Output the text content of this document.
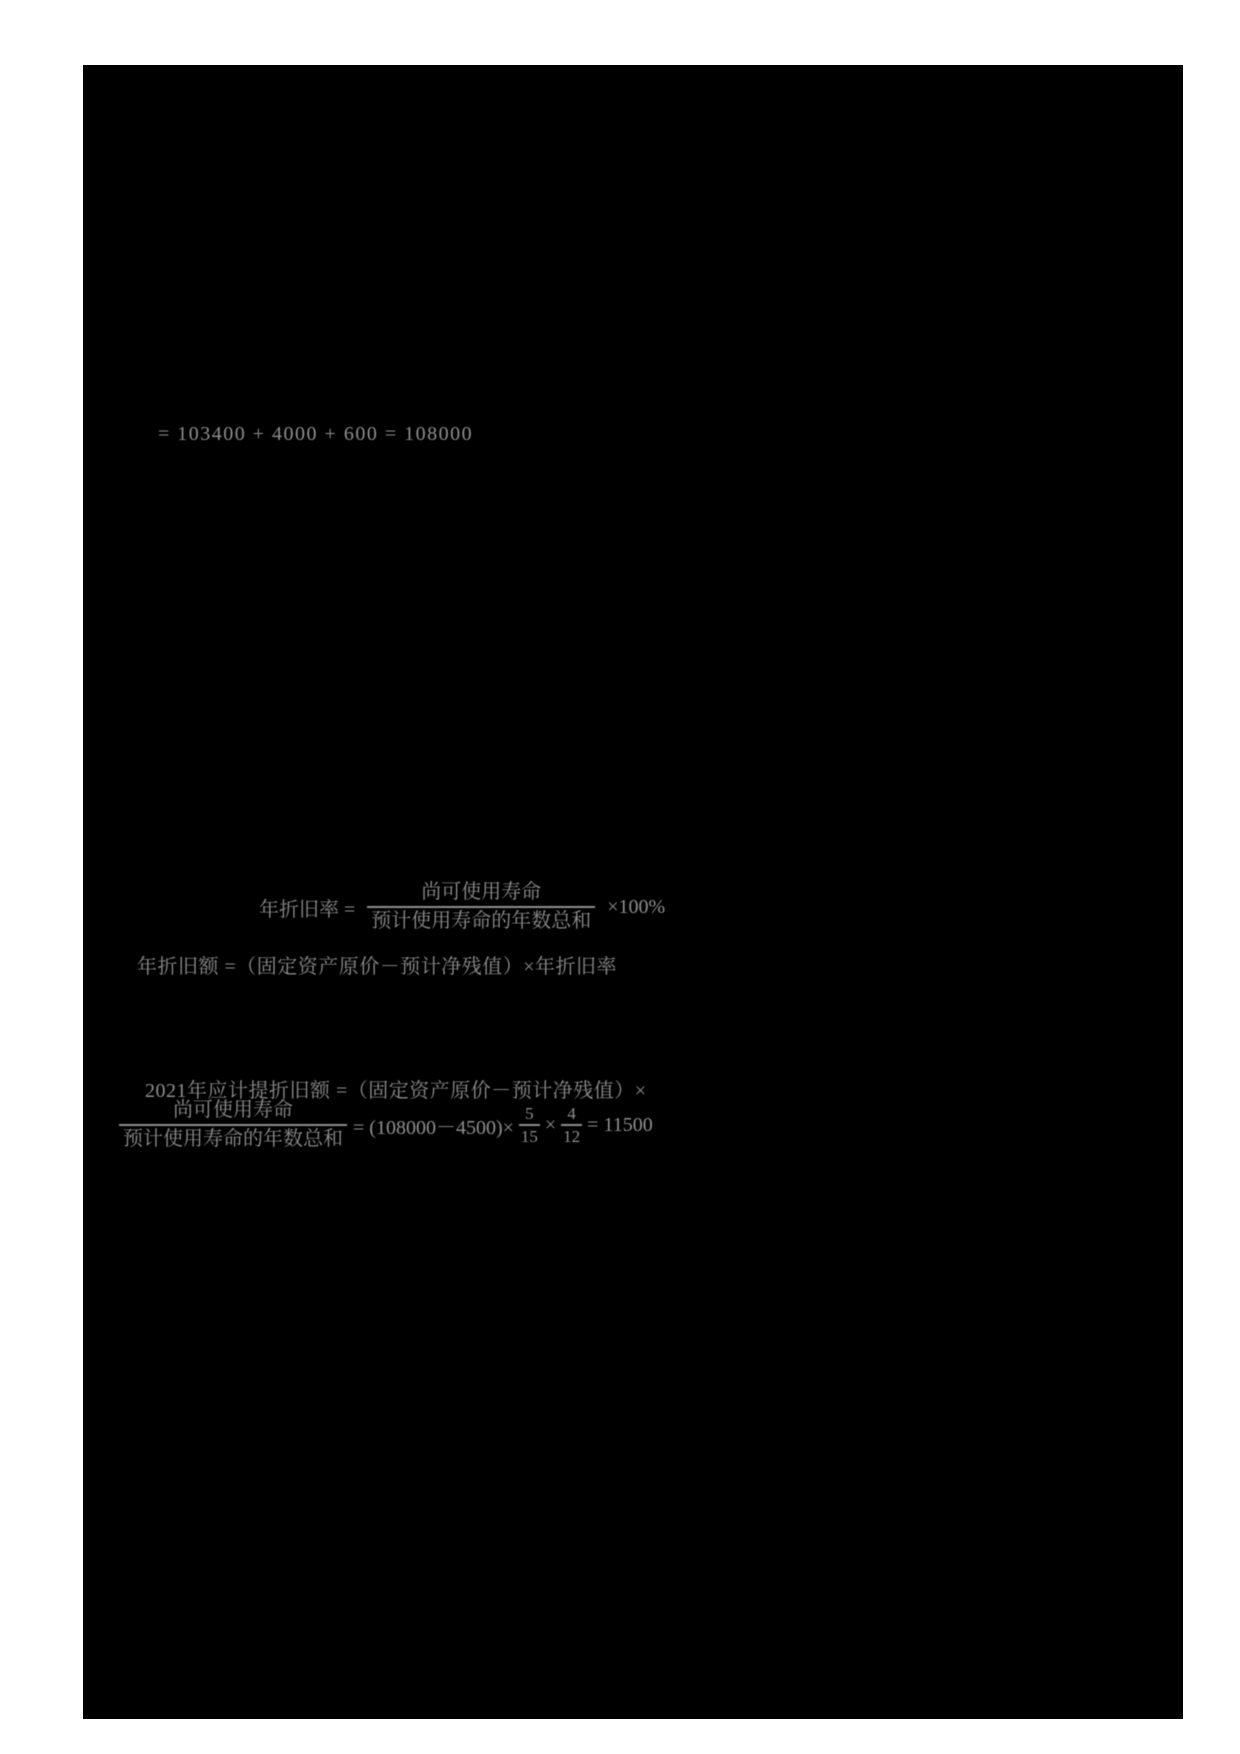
= 103400 + 4000 + 600 = 108000
年折旧率 = $\frac{\text{尚可使用寿命}}{\text{预计使用寿命的年数总和}} \times 100\%$
年折旧额 =（固定资产原价－预计净残值）×年折旧率
2021年应计提折旧额 =（固定资产原价－预计净残值）×
$\frac{\text{尚可使用寿命}}{\text{预计使用寿命的年数总和}} = (108000-4500)\times \frac{5}{15} \times \frac{4}{12} = 11500$
